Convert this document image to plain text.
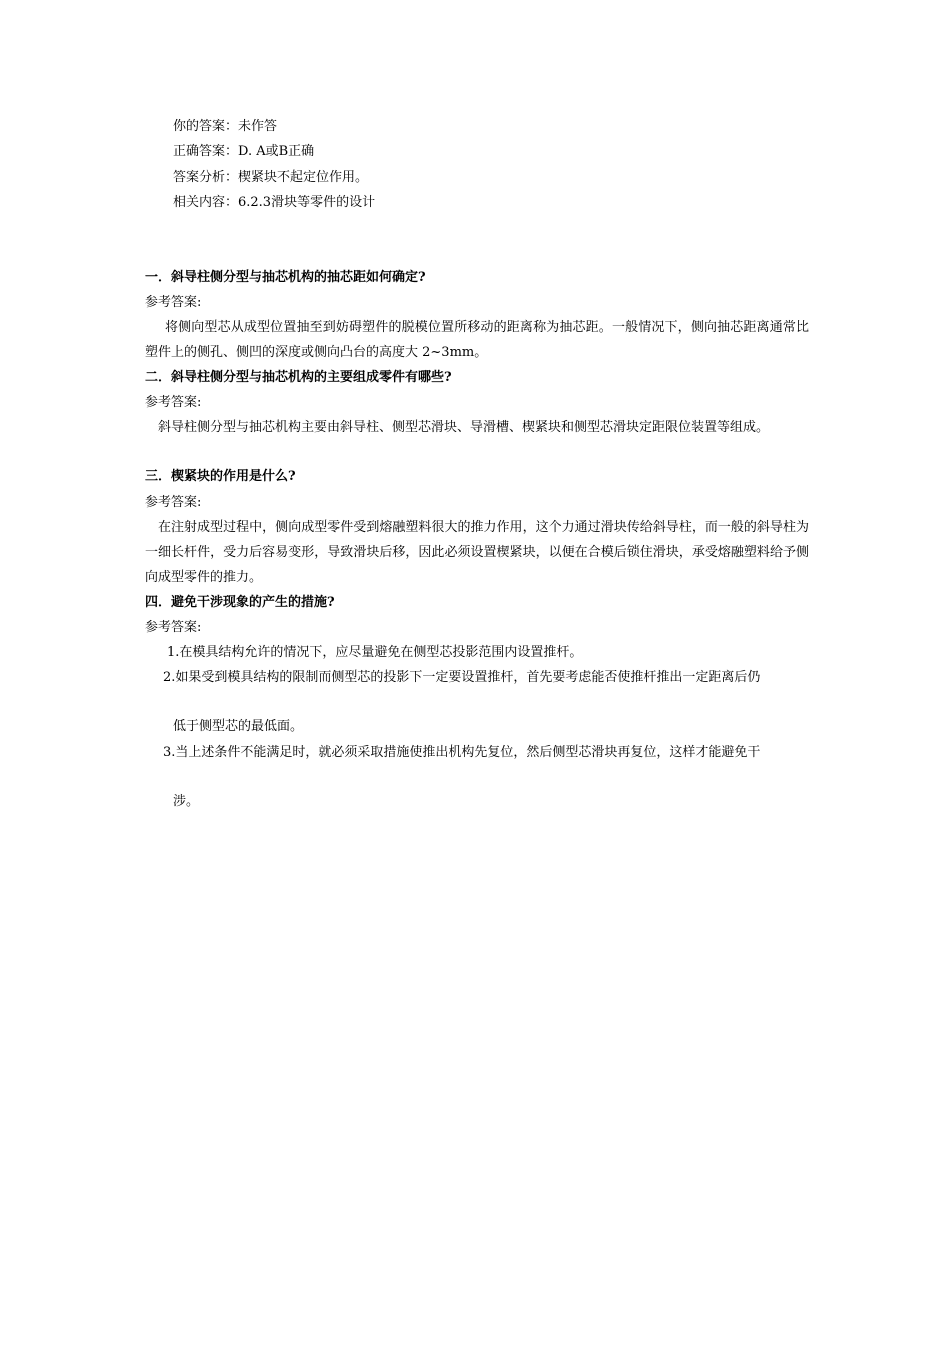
你的答案：未作答
正确答案：D. A或B正确
答案分析：楔紧块不起定位作用。
相关内容：6.2.3滑块等零件的设计
一．斜导柱侧分型与抽芯机构的抽芯距如何确定?
参考答案:
将侧向型芯从成型位置抽至到妨碍塑件的脱模位置所移动的距离称为抽芯距。一般情况下，侧向抽芯距离通常比塑件上的侧孔、侧凹的深度或侧向凸台的高度大 2~3mm。
二．斜导柱侧分型与抽芯机构的主要组成零件有哪些?
参考答案:
斜导柱侧分型与抽芯机构主要由斜导柱、侧型芯滑块、导滑槽、楔紧块和侧型芯滑块定距限位装置等组成。
三．楔紧块的作用是什么?
参考答案:
在注射成型过程中，侧向成型零件受到熔融塑料很大的推力作用，这个力通过滑块传给斜导柱，而一般的斜导柱为一细长杆件，受力后容易变形，导致滑块后移，因此必须设置楔紧块，以便在合模后锁住滑块，承受熔融塑料给予侧向成型零件的推力。
四．避免干涉现象的产生的措施?
参考答案:
1.在模具结构允许的情况下，应尽量避免在侧型芯投影范围内设置推杆。
2.如果受到模具结构的限制而侧型芯的投影下一定要设置推杆，首先要考虑能否使推杆推出一定距离后仍
低于侧型芯的最低面。
3.当上述条件不能满足时，就必须采取措施使推出机构先复位，然后侧型芯滑块再复位，这样才能避免干
涉。
